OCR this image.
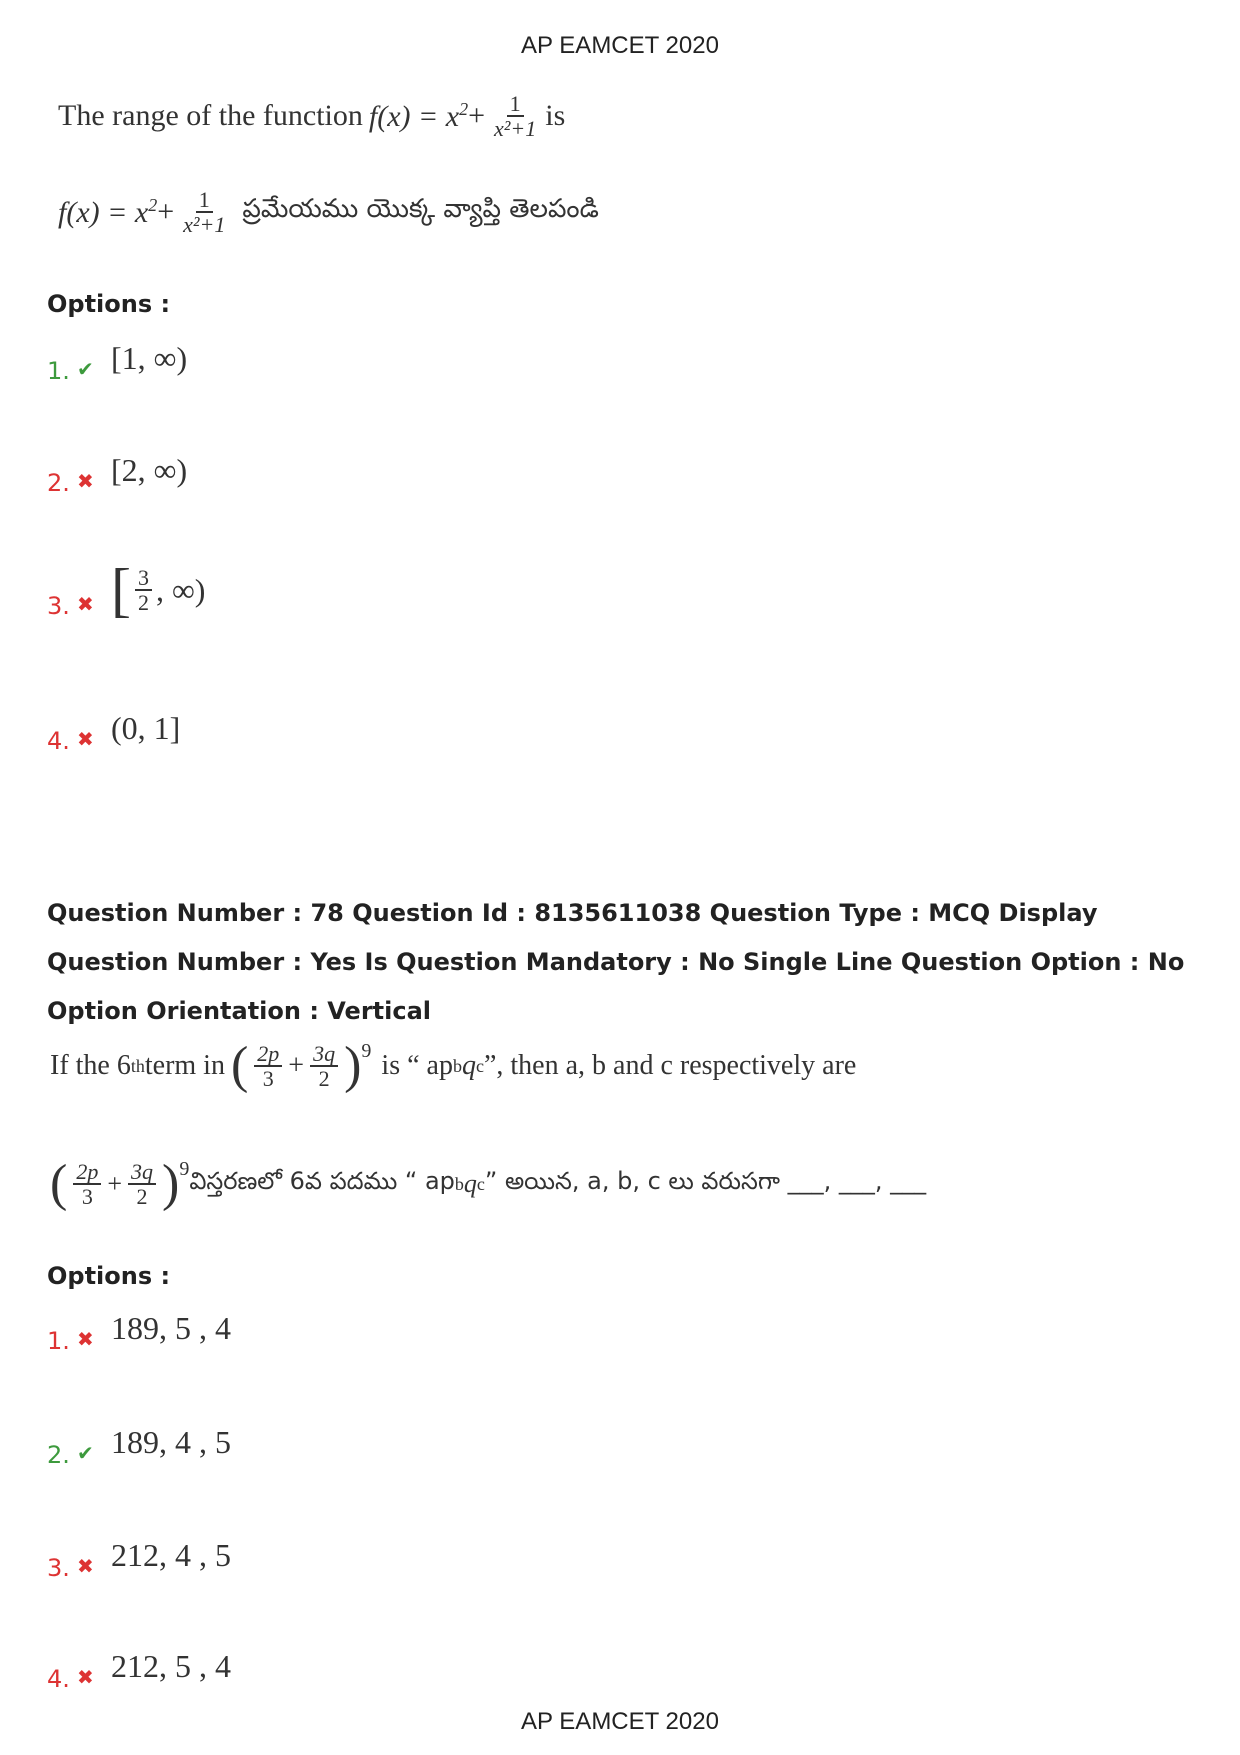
AP EAMCET 2020
The range of the function $f(x) = x^2 + \frac{1}{\text{x²+1}}$ is
$f(x) = x^2 + \frac{1}{\text{x²+1}}$ ప్రమేయము యొక్క వ్యాప్తి తెలపండి
Options :
1. ✔ [1, ∞)
2. ✖ [2, ∞)
3. ✖ [ $\frac{3}{2}$ , ∞)
4. ✖ (0, 1]
Question Number : 78 Question Id : 8135611038 Question Type : MCQ Display Question Number : Yes Is Question Mandatory : No Single Line Question Option : No Option Orientation : Vertical
If the 6 th term in ( $\frac{2p}{3} + \frac{3q}{2}$ ) 9 is “ ap b q c ”, then a, b and c respectively are
( $\frac{2p}{3} + \frac{3q}{2}$ ) 9 విస్తరణలో 6వ పదము “ ap b q c ” అయిన, a, b, c లు వరుసగా ___, ___, ___
Options :
1. ✖ 189, 5 , 4
2. ✔ 189, 4 , 5
3. ✖ 212, 4 , 5
4. ✖ 212, 5 , 4
AP EAMCET 2020
